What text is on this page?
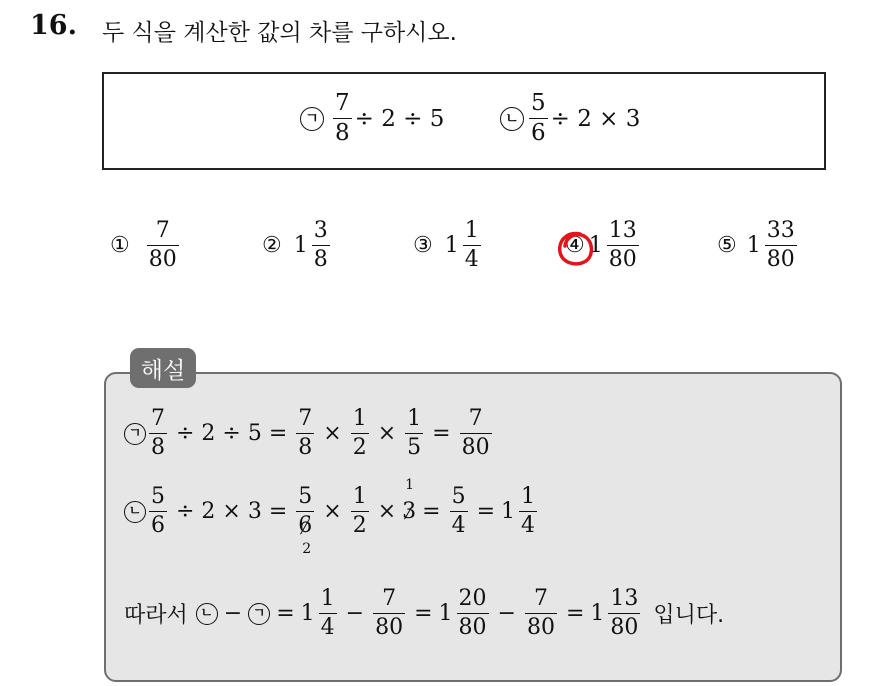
16. 두 식을 계산한 값의 차를 구하시오.
ㄱ $\frac{7}{8} \div 2 \div 5$	ㄴ $\frac{5}{6} \div 2 \times 3$
① $\frac{7}{80}$	② $1 \frac{3}{8}$	③ $1 \frac{1}{4}$	④ $1 \frac{13}{80}$	⑤ $1 \frac{33}{80}$
해설
ㄱ $\frac{7}{8} \div 2 \div 5 = \frac{7}{8} \times \frac{1}{2} \times \frac{1}{5} = \frac{7}{80}$
ㄴ $\frac{5}{6} \div 2 \times 3$ =
5
6
2
× $\frac{1}{2}$ ×
1
$3 = \frac{5}{4} = 1 \frac{1}{4}$
따라서 ㄴ − ㄱ = $1 \frac{1}{4} - \frac{7}{80} = 1 \frac{20}{80} - \frac{7}{80} = 1 \frac{13}{80}$ 입니다.
